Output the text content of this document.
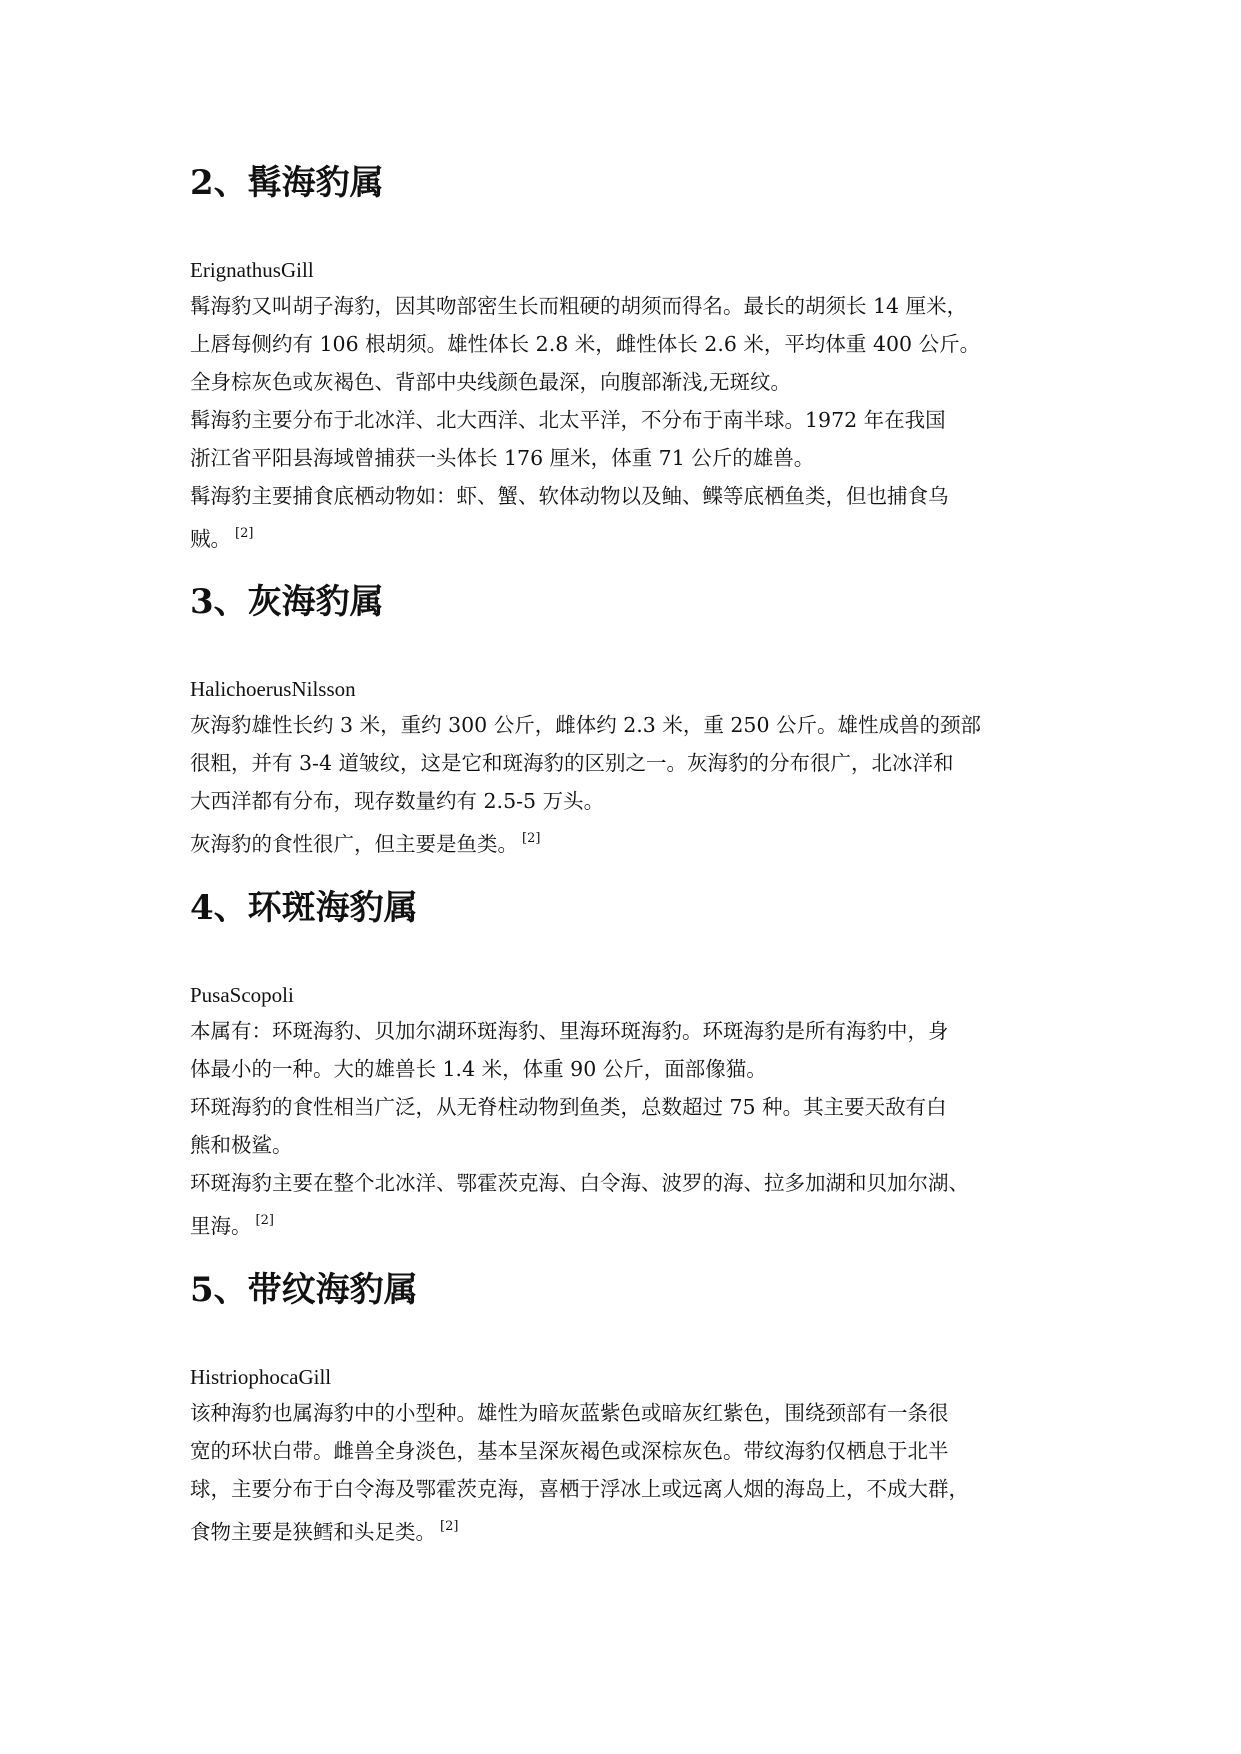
2、髯海豹属

ErignathusGill

髯海豹又叫胡子海豹，因其吻部密生长而粗硬的胡须而得名。最长的胡须长 14 厘米，

上唇每侧约有 106 根胡须。雄性体长 2.8 米，雌性体长 2.6 米，平均体重 400 公斤。

全身棕灰色或灰褐色、背部中央线颜色最深，向腹部渐浅,无斑纹。

髯海豹主要分布于北冰洋、北大西洋、北太平洋，不分布于南半球。1972 年在我国

浙江省平阳县海域曾捕获一头体长 176 厘米，体重 71 公斤的雄兽。

髯海豹主要捕食底栖动物如：虾、蟹、软体动物以及鲉、鲽等底栖鱼类，但也捕食乌

贼。 [2]

3、灰海豹属

HalichoerusNilsson

灰海豹雄性长约 3 米，重约 300 公斤，雌体约 2.3 米，重 250 公斤。雄性成兽的颈部

很粗，并有 3-4 道皱纹，这是它和斑海豹的区别之一。灰海豹的分布很广，北冰洋和

大西洋都有分布，现存数量约有 2.5-5 万头。

灰海豹的食性很广，但主要是鱼类。 [2]

4、环斑海豹属

PusaScopoli

本属有：环斑海豹、贝加尔湖环斑海豹、里海环斑海豹。环斑海豹是所有海豹中，身

体最小的一种。大的雄兽长 1.4 米，体重 90 公斤，面部像猫。

环斑海豹的食性相当广泛，从无脊柱动物到鱼类，总数超过 75 种。其主要天敌有白

熊和极鲨。

环斑海豹主要在整个北冰洋、鄂霍茨克海、白令海、波罗的海、拉多加湖和贝加尔湖、

里海。 [2]

5、带纹海豹属

HistriophocaGill

该种海豹也属海豹中的小型种。雄性为暗灰蓝紫色或暗灰红紫色，围绕颈部有一条很

宽的环状白带。雌兽全身淡色，基本呈深灰褐色或深棕灰色。带纹海豹仅栖息于北半

球，主要分布于白令海及鄂霍茨克海，喜栖于浮冰上或远离人烟的海岛上，不成大群，

食物主要是狭鳕和头足类。 [2]
